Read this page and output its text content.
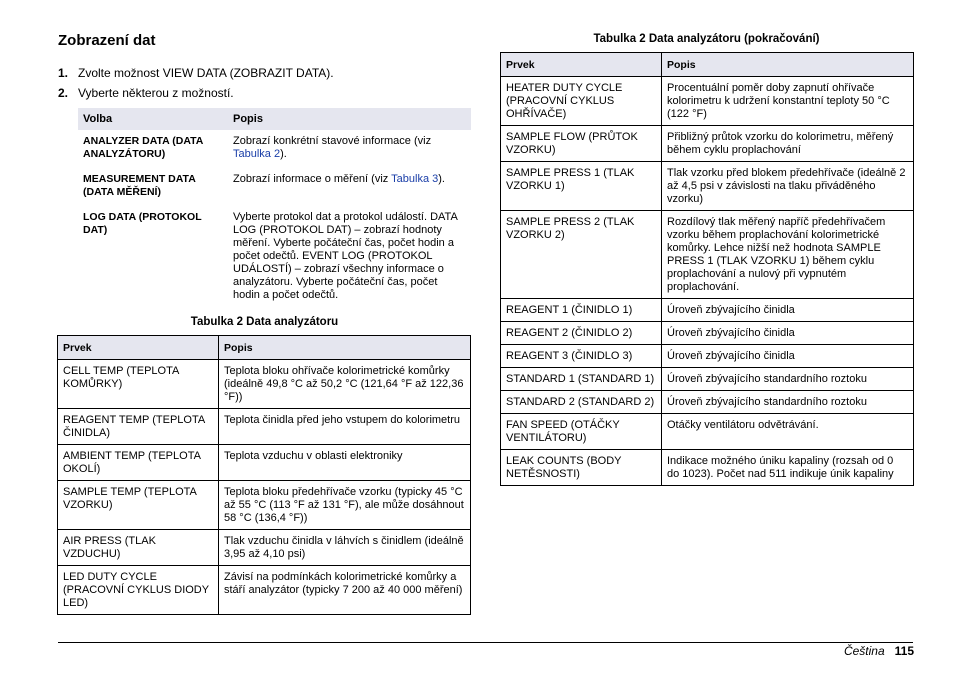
Zobrazení dat
1. Zvolte možnost VIEW DATA (ZOBRAZIT DATA).
2. Vyberte některou z možností.
Volba	Popis
ANALYZER DATA (DATA ANALYZÁTORU)	Zobrazí konkrétní stavové informace (viz Tabulka 2).
MEASUREMENT DATA (DATA MĚŘENÍ)	Zobrazí informace o měření (viz Tabulka 3).
LOG DATA (PROTOKOL DAT)	Vyberte protokol dat a protokol událostí. DATA LOG (PROTOKOL DAT) – zobrazí hodnoty měření. Vyberte počáteční čas, počet hodin a počet odečtů. EVENT LOG (PROTOKOL UDÁLOSTÍ) – zobrazí všechny informace o analyzátoru. Vyberte počáteční čas, počet hodin a počet odečtů.
Tabulka 2 Data analyzátoru
Prvek	Popis
CELL TEMP (TEPLOTA KOMŮRKY)	Teplota bloku ohřívače kolorimetrické komůrky (ideálně 49,8 °C až 50,2 °C (121,64 °F až 122,36 °F))
REAGENT TEMP (TEPLOTA ČINIDLA)	Teplota činidla před jeho vstupem do kolorimetru
AMBIENT TEMP (TEPLOTA OKOLÍ)	Teplota vzduchu v oblasti elektroniky
SAMPLE TEMP (TEPLOTA VZORKU)	Teplota bloku předehřívače vzorku (typicky 45 °C až 55 °C (113 °F až 131 °F), ale může dosáhnout 58 °C (136,4 °F))
AIR PRESS (TLAK VZDUCHU)	Tlak vzduchu činidla v láhvích s činidlem (ideálně 3,95 až 4,10 psi)
LED DUTY CYCLE (PRACOVNÍ CYKLUS DIODY LED)	Závisí na podmínkách kolorimetrické komůrky a stáří analyzátor (typicky 7 200 až 40 000 měření)
Tabulka 2 Data analyzátoru (pokračování)
Prvek	Popis
HEATER DUTY CYCLE (PRACOVNÍ CYKLUS OHŘÍVAČE)	Procentuální poměr doby zapnutí ohřívače kolorimetru k udržení konstantní teploty 50 °C (122 °F)
SAMPLE FLOW (PRŮTOK VZORKU)	Přibližný průtok vzorku do kolorimetru, měřený během cyklu proplachování
SAMPLE PRESS 1 (TLAK VZORKU 1)	Tlak vzorku před blokem předehřívače (ideálně 2 až 4,5 psi v závislosti na tlaku přiváděného vzorku)
SAMPLE PRESS 2 (TLAK VZORKU 2)	Rozdílový tlak měřený napříč předehřívačem vzorku během proplachování kolorimetrické komůrky. Lehce nižší než hodnota SAMPLE PRESS 1 (TLAK VZORKU 1) během cyklu proplachování a nulový při vypnutém proplachování.
REAGENT 1 (ČINIDLO 1)	Úroveň zbývajícího činidla
REAGENT 2 (ČINIDLO 2)	Úroveň zbývajícího činidla
REAGENT 3 (ČINIDLO 3)	Úroveň zbývajícího činidla
STANDARD 1 (STANDARD 1)	Úroveň zbývajícího standardního roztoku
STANDARD 2 (STANDARD 2)	Úroveň zbývajícího standardního roztoku
FAN SPEED (OTÁČKY VENTILÁTORU)	Otáčky ventilátoru odvětrávání.
LEAK COUNTS (BODY NETĚSNOSTI)	Indikace možného úniku kapaliny (rozsah od 0 do 1023). Počet nad 511 indikuje únik kapaliny
Čeština 115
